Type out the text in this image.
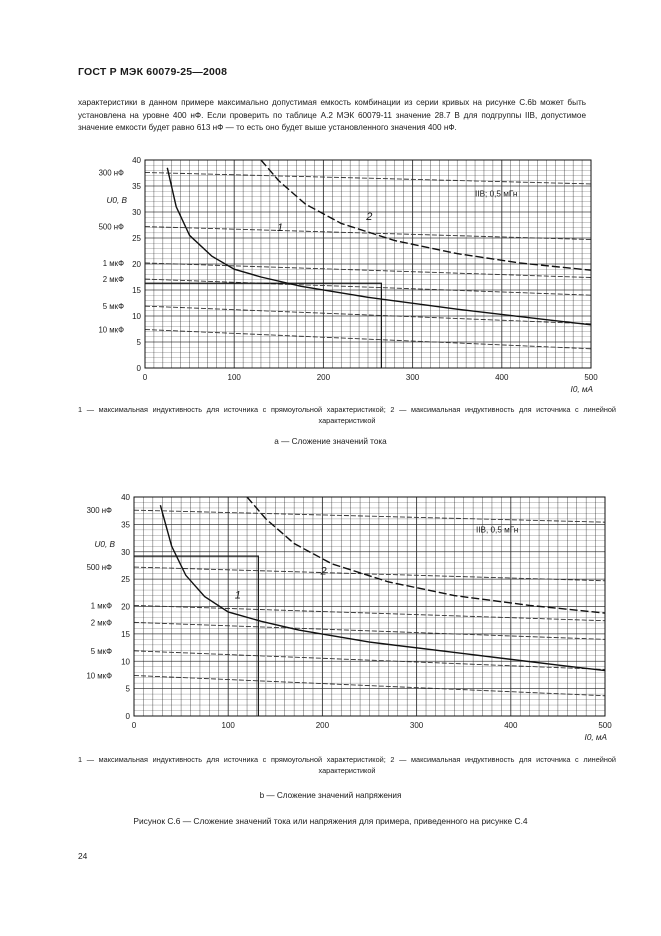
ГОСТ Р МЭК 60079-25—2008

характеристики в данном примере максимально допустимая емкость комбинации из серии кривых на рисунке С.6b может быть установлена на уровне 400 нФ. Если проверить по таблице А.2 МЭК 60079-11 значение 28.7 В для подгруппы IIB, допустимое значение емкости будет равно 613 нФ — то есть оно будет выше установленного значения 400 нФ.

300 нФ
500 нФ
1 мкФ
2 мкФ
5 мкФ
10 мкФ
0
5
10
15
20
25
30
35
40
0	100	200	300	400	500
U0, В
I0, мА
IIB; 0,5 мГн
1
2
1 — максимальная индуктивность для источника с прямоугольной характеристикой; 2 — максимальная индуктивность для источника с линейной характеристикой
a — Сложение значений тока
300 нФ
500 нФ
1 мкФ
2 мкФ
5 мкФ
10 мкФ
0
5
10
15
20
25
30
35
40
0	100	200	300	400	500
U0, В
I0, мА
IIB, 0,5 мГн
1
2
1 — максимальная индуктивность для источника с прямоугольной характеристикой; 2 — максимальная индуктивность для источника с линейной характеристикой
b — Сложение значений напряжения
Рисунок С.6 — Сложение значений тока или напряжения для примера, приведенного на рисунке С.4
24
